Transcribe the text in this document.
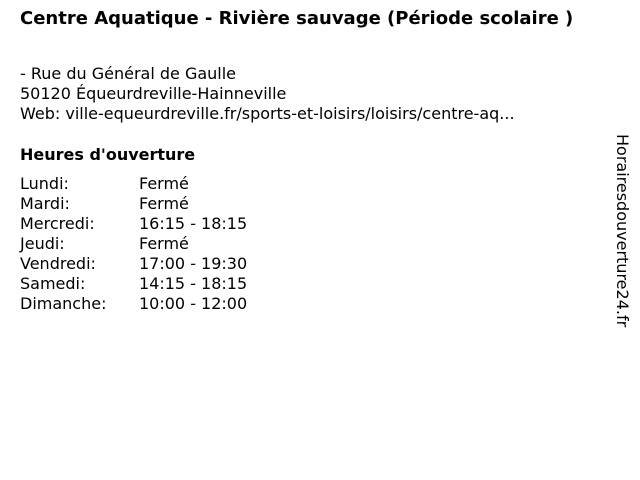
Centre Aquatique - Rivière sauvage (Période scolaire )
- Rue du Général de Gaulle
50120 Équeurdreville-Hainneville
Web: ville-equeurdreville.fr/sports-et-loisirs/loisirs/centre-aq...
Heures d'ouverture
Lundi:	Fermé
Mardi:	Fermé
Mercredi:	16:15 - 18:15
Jeudi:	Fermé
Vendredi:	17:00 - 19:30
Samedi:	14:15 - 18:15
Dimanche:	10:00 - 12:00	Horairesdouverture24.fr
